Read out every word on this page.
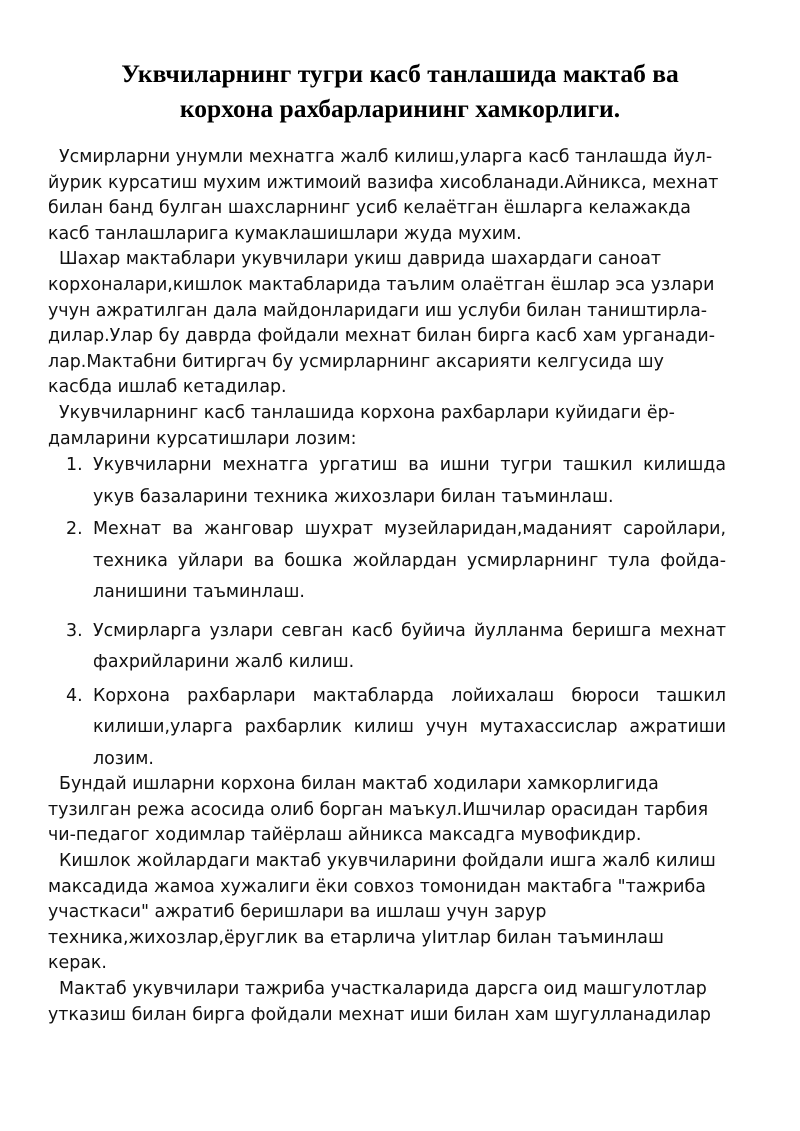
Уквчиларнинг тугри касб танлашида мактаб ва
корхона рахбарларининг хамкорлиги.
Усмирларни унумли мехнатга жалб килиш,уларга касб танлашда йул-
йурик курсатиш мухим ижтимоий вазифа хисобланади.Айникса, мехнат
билан банд булган шахсларнинг усиб келаётган ёшларга келажакда
касб танлашларига кумаклашишлари жуда мухим.
Шахар мактаблари укувчилари укиш даврида шахардаги саноат
корхоналари,кишлок мактабларида таълим олаётган ёшлар эса узлари
учун ажратилган дала майдонларидаги иш услуби билан таништирла-
дилар.Улар бу даврда фойдали мехнат билан бирга касб хам урганади-
лар.Мактабни битиргач бу усмирларнинг аксарияти келгусида шу
касбда ишлаб кетадилар.
Укувчиларнинг касб танлашида корхона рахбарлари куйидаги ёр-
дамларини курсатишлари лозим:
1. Укувчиларни мехнатга ургатиш ва ишни тугри ташкил килишда
укув базаларини техника жихозлари билан таъминлаш.
2. Мехнат ва жанговар шухрат музейларидан,маданият саройлари,
техника уйлари ва бошка жойлардан усмирларнинг тула фойда-
ланишини таъминлаш.
3. Усмирларга узлари севган касб буйича йулланма беришга мехнат
фахрийларини жалб килиш.
4. Корхона рахбарлари мактабларда лойихалаш бюроси ташкил
килиши,уларга рахбарлик килиш учун мутахассислар ажратиши
лозим.
Бундай ишларни корхона билан мактаб ходилари хамкорлигида
тузилган режа асосида олиб борган маъкул.Ишчилар орасидан тарбия
чи-педагог ходимлар тайёрлаш айникса максадга мувофикдир.
Кишлок жойлардаги мактаб укувчиларини фойдали ишга жалб килиш
максадида жамоа хужалиги ёки совхоз томонидан мактабга "тажриба
участкаси" ажратиб беришлари ва ишлаш учун зарур
техника,жихозлар,ёруглик ва етарлича уIитлар билан таъминлаш
керак.
Мактаб укувчилари тажриба участкаларида дарсга оид машгулотлар
утказиш билан бирга фойдали мехнат иши билан хам шугулланадилар
